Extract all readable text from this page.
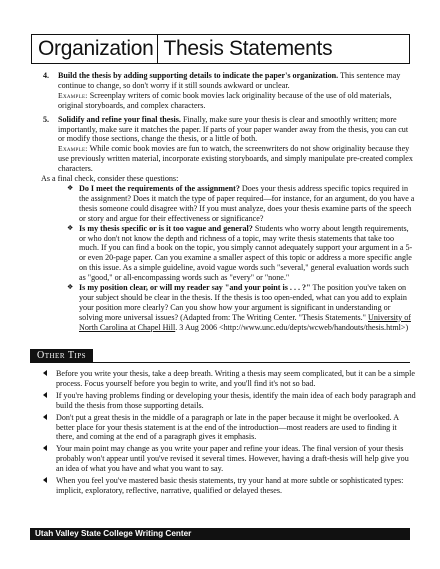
Organization Thesis Statements
4. Build the thesis by adding supporting details to indicate the paper's organization. This sentence may continue to change, so don't worry if it still sounds awkward or unclear.
Example: Screenplay writers of comic book movies lack originality because of the use of old materials, original storyboards, and complex characters.
5. Solidify and refine your final thesis. Finally, make sure your thesis is clear and smoothly written; more importantly, make sure it matches the paper. If parts of your paper wander away from the thesis, you can cut or modify those sections, change the thesis, or a little of both.
Example: While comic book movies are fun to watch, the screenwriters do not show originality because they use previously written material, incorporate existing storyboards, and simply manipulate pre-created complex characters.
As a final check, consider these questions:
❖ Do I meet the requirements of the assignment? Does your thesis address specific topics required in the assignment? Does it match the type of paper required—for instance, for an argument, do you have a thesis someone could disagree with? If you must analyze, does your thesis examine parts of the speech or story and argue for their effectiveness or significance?
❖ Is my thesis specific or is it too vague and general? Students who worry about length requirements, or who don't not know the depth and richness of a topic, may write thesis statements that take too much. If you can find a book on the topic, you simply cannot adequately support your argument in a 5- or even 20-page paper. Can you examine a smaller aspect of this topic or address a more specific angle on this issue. As a simple guideline, avoid vague words such "several," general evaluation words such as "good," or all-encompassing words such as "every" or "none."
❖ Is my position clear, or will my reader say "and your point is . . . ?" The position you've taken on your subject should be clear in the thesis. If the thesis is too open-ended, what can you add to explain your position more clearly? Can you show how your argument is significant in understanding or solving more universal issues? (Adapted from: The Writing Center. "Thesis Statements." University of North Carolina at Chapel Hill. 3 Aug 2006 <http://www.unc.edu/depts/wcweb/handouts/thesis.html>)
Other Tips
Before you write your thesis, take a deep breath. Writing a thesis may seem complicated, but it can be a simple process. Focus yourself before you begin to write, and you'll find it's not so bad.
If you're having problems finding or developing your thesis, identify the main idea of each body paragraph and build the thesis from those supporting details.
Don't put a great thesis in the middle of a paragraph or late in the paper because it might be overlooked. A better place for your thesis statement is at the end of the introduction—most readers are used to finding it there, and coming at the end of a paragraph gives it emphasis.
Your main point may change as you write your paper and refine your ideas. The final version of your thesis probably won't appear until you've revised it several times. However, having a draft-thesis will help give you an idea of what you have and what you want to say.
When you feel you've mastered basic thesis statements, try your hand at more subtle or sophisticated types: implicit, exploratory, reflective, narrative, qualified or delayed theses.
Utah Valley State College Writing Center
